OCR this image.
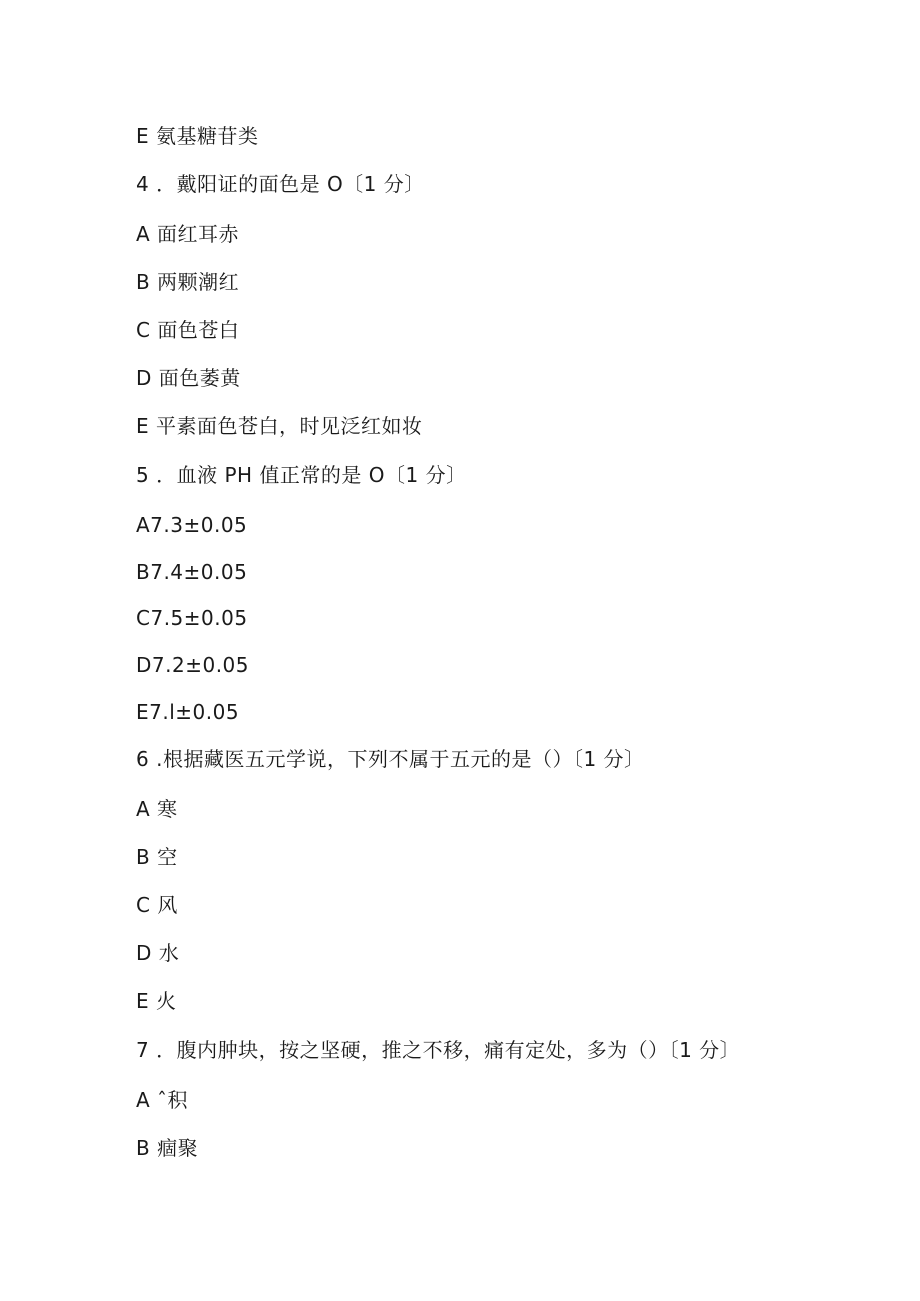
E 氨基糖苷类
4 ．戴阳证的面色是 O〔1 分〕
A 面红耳赤
B 两颗潮红
C 面色苍白
D 面色萎黄
E 平素面色苍白，时见泛红如妆
5 ．血液 PH 值正常的是 O〔1 分〕
A7.3±0.05
B7.4±0.05
C7.5±0.05
D7.2±0.05
E7.l±0.05
6 .根据藏医五元学说，下列不属于五元的是（）〔1 分〕
A 寒
B 空
C 风
D 水
E 火
7 ．腹内肿块，按之坚硬，推之不移，痛有定处，多为（）〔1 分〕
A ˆ积
B 痼聚
